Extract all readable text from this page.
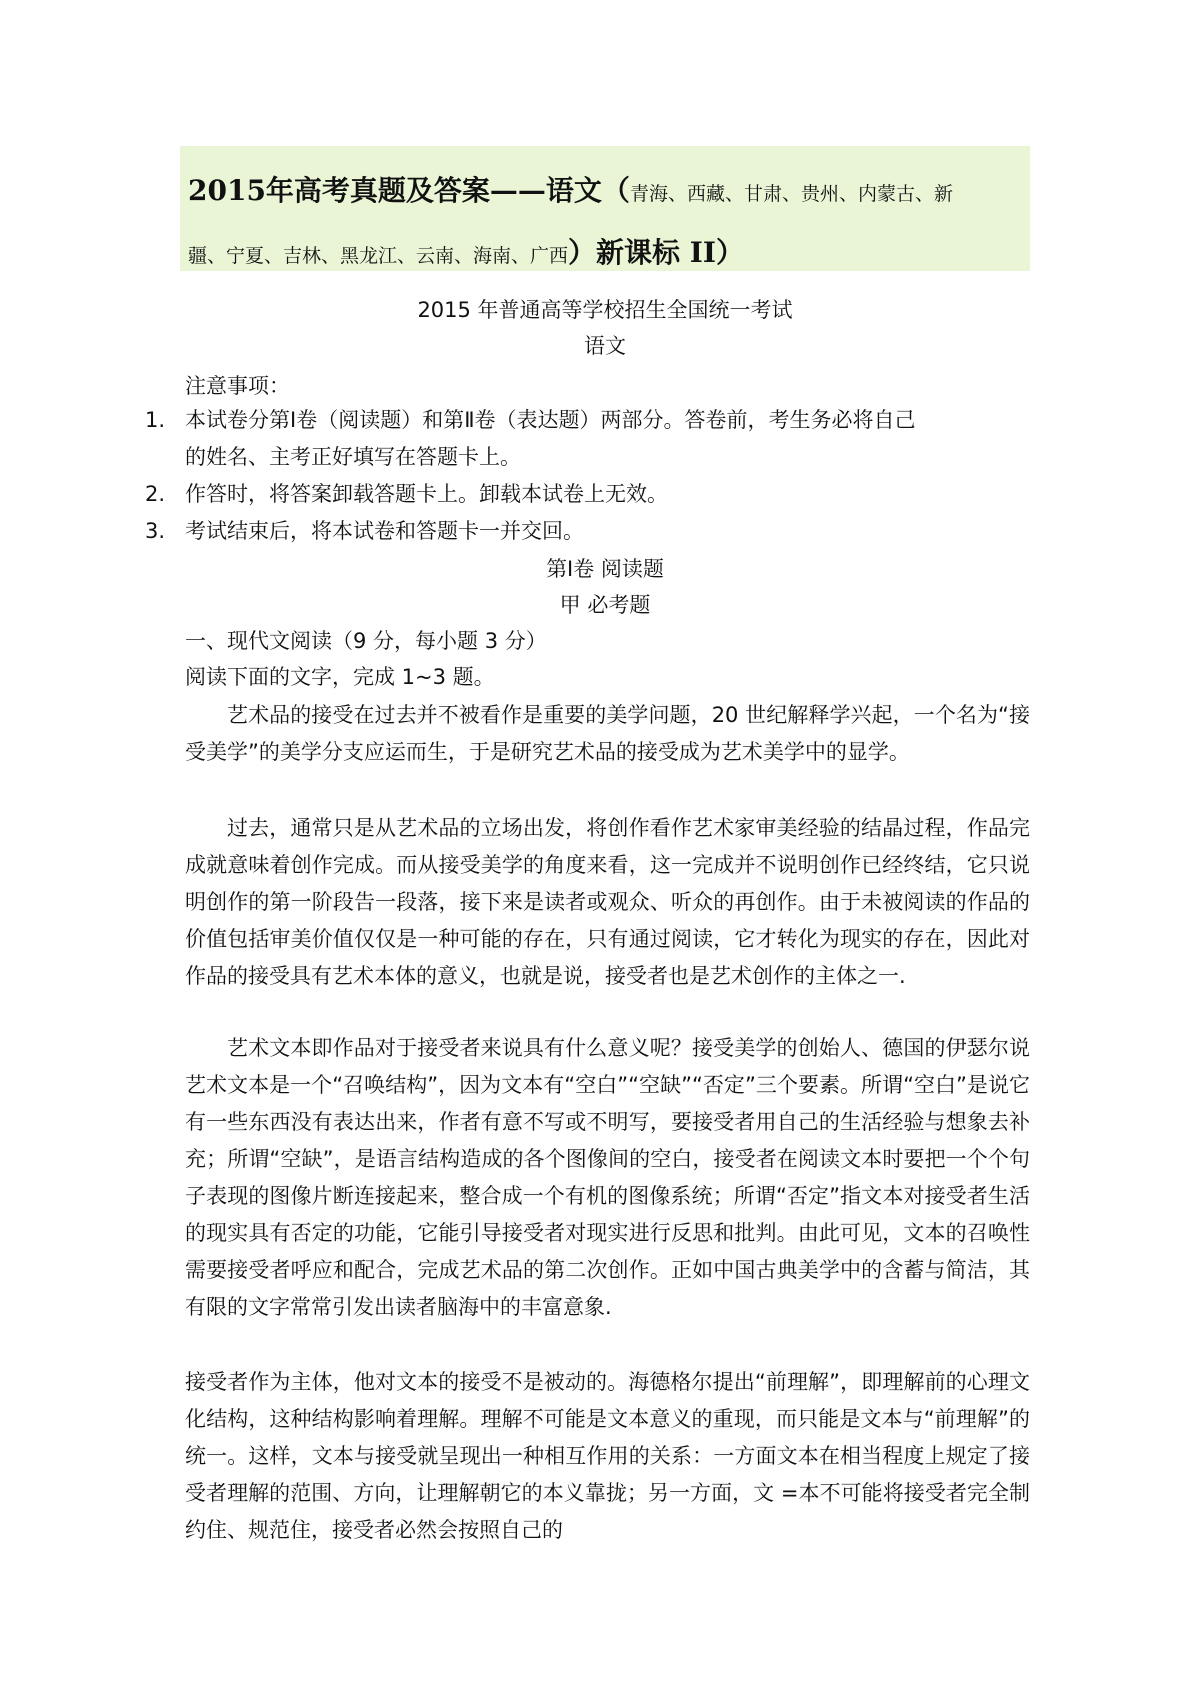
2015年高考真题及答案——语文（青海、西藏、甘肃、贵州、内蒙古、新
疆、宁夏、吉林、黑龙江、云南、海南、广西）新课标 II）
2015 年普通高等学校招生全国统一考试
语文
注意事项：
1. 本试卷分第Ⅰ卷（阅读题）和第Ⅱ卷（表达题）两部分。答卷前，考生务必将自己
的姓名、主考正好填写在答题卡上。
2. 作答时，将答案卸载答题卡上。卸载本试卷上无效。
3. 考试结束后，将本试卷和答题卡一并交回。
第Ⅰ卷 阅读题
甲 必考题
一、现代文阅读（9 分，每小题 3 分）
阅读下面的文字，完成 1~3 题。
艺术品的接受在过去并不被看作是重要的美学问题，20 世纪解释学兴起，一个名为“接受美学”的美学分支应运而生，于是研究艺术品的接受成为艺术美学中的显学。
过去，通常只是从艺术品的立场出发，将创作看作艺术家审美经验的结晶过程，作品完成就意味着创作完成。而从接受美学的角度来看，这一完成并不说明创作已经终结，它只说明创作的第一阶段告一段落，接下来是读者或观众、听众的再创作。由于未被阅读的作品的价值包括审美价值仅仅是一种可能的存在，只有通过阅读，它才转化为现实的存在，因此对作品的接受具有艺术本体的意义，也就是说，接受者也是艺术创作的主体之一.
艺术文本即作品对于接受者来说具有什么意义呢？接受美学的创始人、德国的伊瑟尔说艺术文本是一个“召唤结构”，因为文本有“空白”“空缺”“否定”三个要素。所谓“空白”是说它有一些东西没有表达出来，作者有意不写或不明写，要接受者用自己的生活经验与想象去补充；所谓“空缺”，是语言结构造成的各个图像间的空白，接受者在阅读文本时要把一个个句子表现的图像片断连接起来，整合成一个有机的图像系统；所谓“否定”指文本对接受者生活的现实具有否定的功能，它能引导接受者对现实进行反思和批判。由此可见，文本的召唤性需要接受者呼应和配合，完成艺术品的第二次创作。正如中国古典美学中的含蓄与简洁，其有限的文字常常引发出读者脑海中的丰富意象.
接受者作为主体，他对文本的接受不是被动的。海德格尔提出“前理解”，即理解前的心理文化结构，这种结构影响着理解。理解不可能是文本意义的重现，而只能是文本与“前理解”的统一。这样，文本与接受就呈现出一种相互作用的关系：一方面文本在相当程度上规定了接受者理解的范围、方向，让理解朝它的本义靠拢；另一方面，文 =本不可能将接受者完全制约住、规范住，接受者必然会按照自己的
